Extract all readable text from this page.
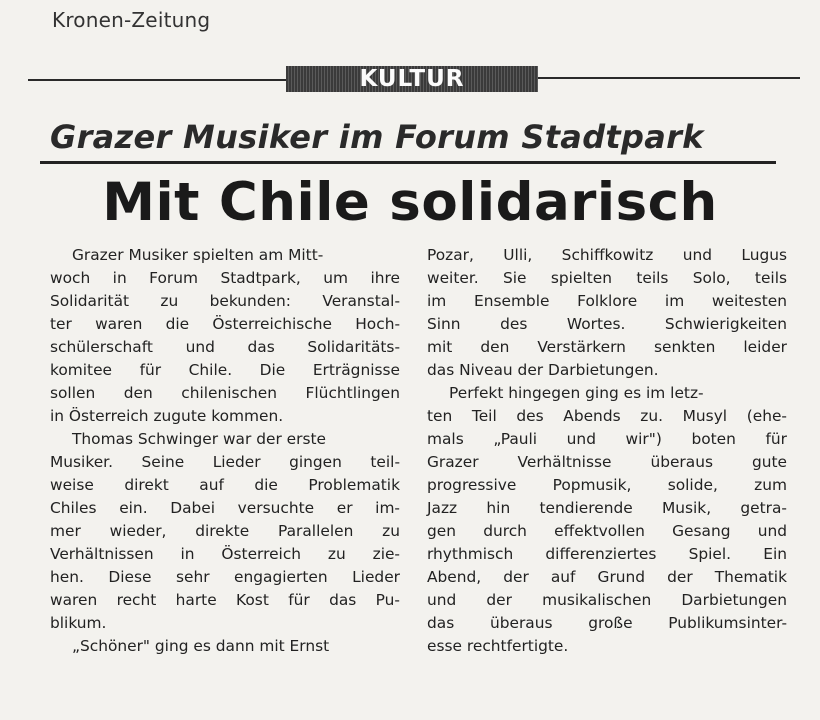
Kronen-Zeitung
KULTUR
Grazer Musiker im Forum Stadtpark
Mit Chile solidarisch
Grazer Musiker spielten am Mitt-
woch in Forum Stadtpark, um ihre
Solidarität zu bekunden: Veranstal-
ter waren die Österreichische Hoch-
schülerschaft und das Solidaritäts-
komitee für Chile. Die Erträgnisse
sollen den chilenischen Flüchtlingen
in Österreich zugute kommen.
Thomas Schwinger war der erste
Musiker. Seine Lieder gingen teil-
weise direkt auf die Problematik
Chiles ein. Dabei versuchte er im-
mer wieder, direkte Parallelen zu
Verhältnissen in Österreich zu zie-
hen. Diese sehr engagierten Lieder
waren recht harte Kost für das Pu-
blikum.
„Schöner" ging es dann mit Ernst
Pozar, Ulli, Schiffkowitz und Lugus
weiter. Sie spielten teils Solo, teils
im Ensemble Folklore im weitesten
Sinn des Wortes. Schwierigkeiten
mit den Verstärkern senkten leider
das Niveau der Darbietungen.
Perfekt hingegen ging es im letz-
ten Teil des Abends zu. Musyl (ehe-
mals „Pauli und wir") boten für
Grazer Verhältnisse überaus gute
progressive Popmusik, solide, zum
Jazz hin tendierende Musik, getra-
gen durch effektvollen Gesang und
rhythmisch differenziertes Spiel. Ein
Abend, der auf Grund der Thematik
und der musikalischen Darbietungen
das überaus große Publikumsinter-
esse rechtfertigte.
